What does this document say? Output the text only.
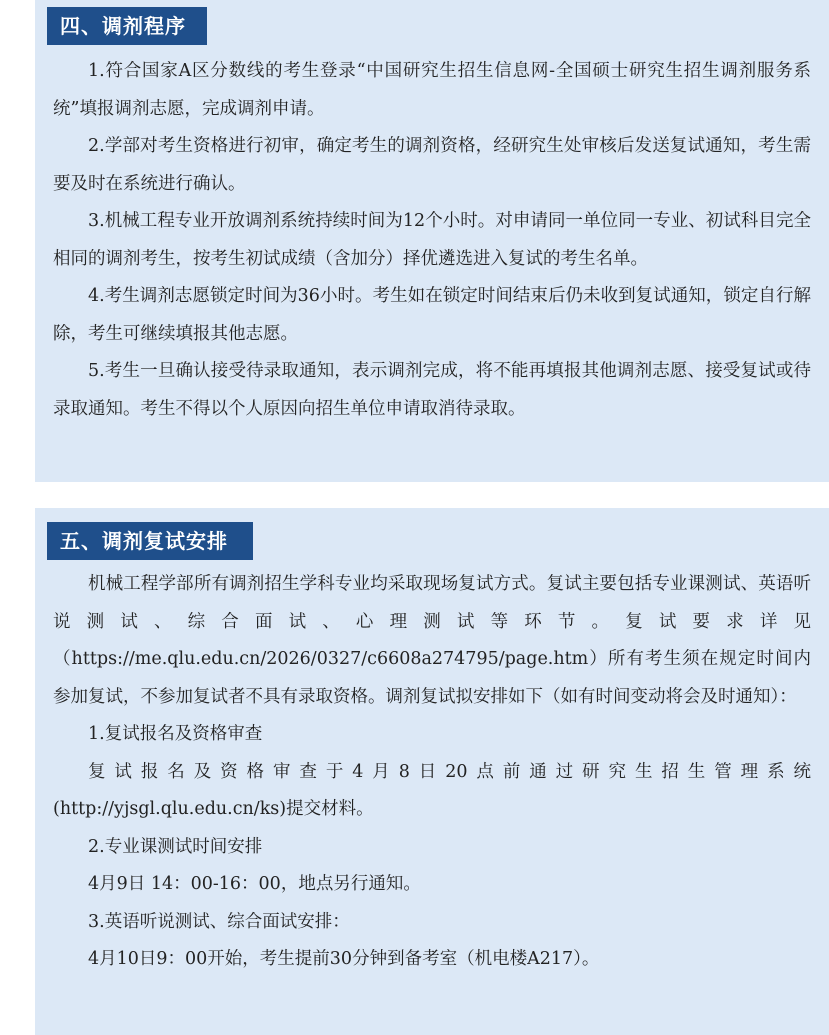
四、调剂程序

1.符合国家A区分数线的考生登录“中国研究生招生信息网-全国硕士研究生招生调剂服务系统”填报调剂志愿，完成调剂申请。

2.学部对考生资格进行初审，确定考生的调剂资格，经研究生处审核后发送复试通知，考生需要及时在系统进行确认。

3.机械工程专业开放调剂系统持续时间为12个小时。对申请同一单位同一专业、初试科目完全相同的调剂考生，按考生初试成绩（含加分）择优遴选进入复试的考生名单。

4.考生调剂志愿锁定时间为36小时。考生如在锁定时间结束后仍未收到复试通知，锁定自行解除，考生可继续填报其他志愿。

5.考生一旦确认接受待录取通知，表示调剂完成，将不能再填报其他调剂志愿、接受复试或待录取通知。考生不得以个人原因向招生单位申请取消待录取。

五、调剂复试安排

机械工程学部所有调剂招生学科专业均采取现场复试方式。复试主要包括专业课测试、英语听说测试、综合面试、心理测试等环节。复试要求详见（https://me.qlu.edu.cn/2026/0327/c6608a274795/page.htm）所有考生须在规定时间内参加复试，不参加复试者不具有录取资格。调剂复试拟安排如下（如有时间变动将会及时通知）：

1.复试报名及资格审查

复试报名及资格审查于4月8日20点前通过研究生招生管理系统

(http://yjsgl.qlu.edu.cn/ks)提交材料。

2.专业课测试时间安排

4月9日 14：00-16：00，地点另行通知。

3.英语听说测试、综合面试安排：

4月10日9：00开始，考生提前30分钟到备考室（机电楼A217）。
